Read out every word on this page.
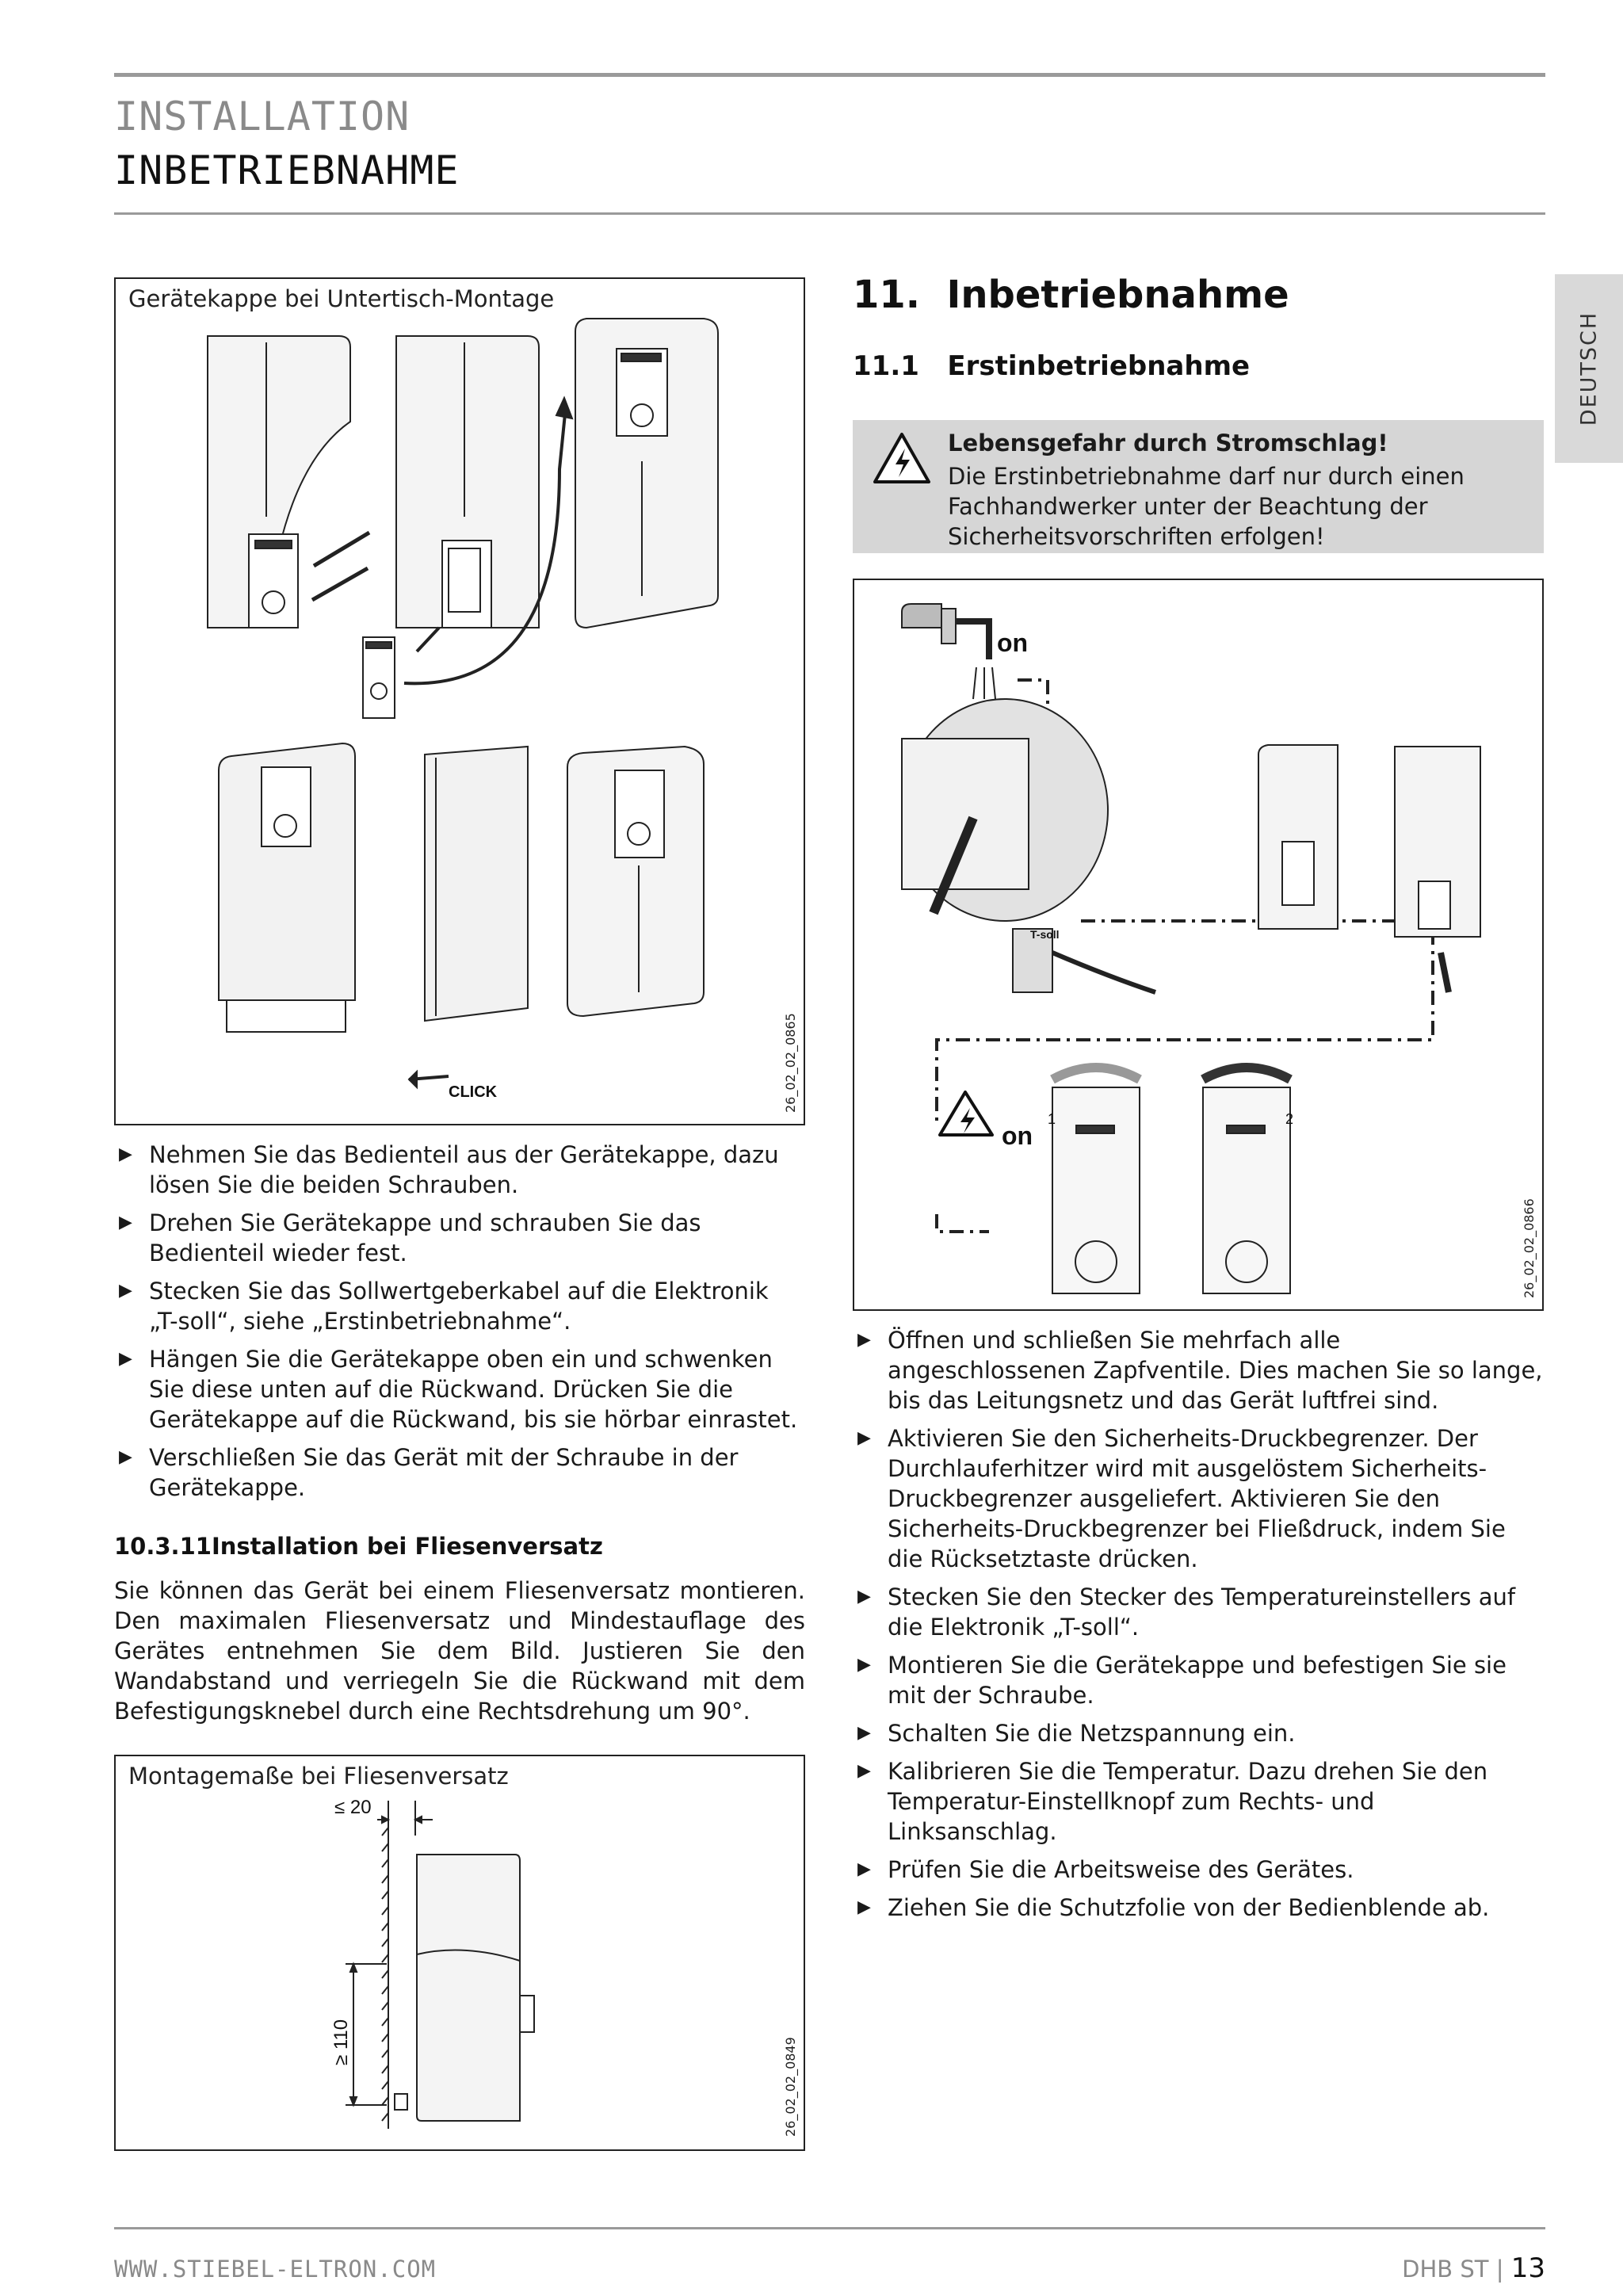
INSTALLATION
INBETRIEBNAHME
DEUTSCH
Gerätekappe bei Untertisch-Montage
CLICK	26_02_02_0865
▶ Nehmen Sie das Bedienteil aus der Gerätekappe, dazu lösen Sie die beiden Schrauben.
▶ Drehen Sie Gerätekappe und schrauben Sie das Bedienteil wieder fest.
▶ Stecken Sie das Sollwertgeberkabel auf die Elektronik „T-soll“, siehe „Erstinbetriebnahme“.
▶ Hängen Sie die Gerätekappe oben ein und schwenken Sie diese unten auf die Rückwand. Drücken Sie die Gerätekappe auf die Rückwand, bis sie hörbar einrastet.
▶ Verschließen Sie das Gerät mit der Schraube in der Gerätekappe.
10.3.11Installation bei Fliesenversatz
Sie können das Gerät bei einem Fliesenversatz montieren. Den maximalen Fliesenversatz und Mindestauflage des Gerätes entnehmen Sie dem Bild. Justieren Sie den Wandabstand und verriegeln Sie die Rückwand mit dem Befestigungsknebel durch eine Rechtsdrehung um 90°.
Montagemaße bei Fliesenversatz
≤ 20
≥ 110	26_02_02_0849
11. Inbetriebnahme
11.1 Erstinbetriebnahme
Lebensgefahr durch Stromschlag!
Die Erstinbetriebnahme darf nur durch einen Fachhandwerker unter der Beachtung der Sicherheitsvorschriften erfolgen!
on
on
T-soll
1	2
26_02_02_0866
▶ Öffnen und schließen Sie mehrfach alle angeschlossenen Zapfventile. Dies machen Sie so lange, bis das Leitungsnetz und das Gerät luftfrei sind.
▶ Aktivieren Sie den Sicherheits-Druckbegrenzer. Der Durchlauferhitzer wird mit ausgelöstem Sicherheits-Druckbegrenzer ausgeliefert. Aktivieren Sie den Sicherheits-Druckbegrenzer bei Fließdruck, indem Sie die Rücksetztaste drücken.
▶ Stecken Sie den Stecker des Temperatureinstellers auf die Elektronik „T-soll“.
▶ Montieren Sie die Gerätekappe und befestigen Sie sie mit der Schraube.
▶ Schalten Sie die Netzspannung ein.
▶ Kalibrieren Sie die Temperatur. Dazu drehen Sie den Temperatur-Einstellknopf zum Rechts- und Linksanschlag.
▶ Prüfen Sie die Arbeitsweise des Gerätes.
▶ Ziehen Sie die Schutzfolie von der Bedienblende ab.
WWW.STIEBEL-ELTRON.COM	DHB ST | 13
